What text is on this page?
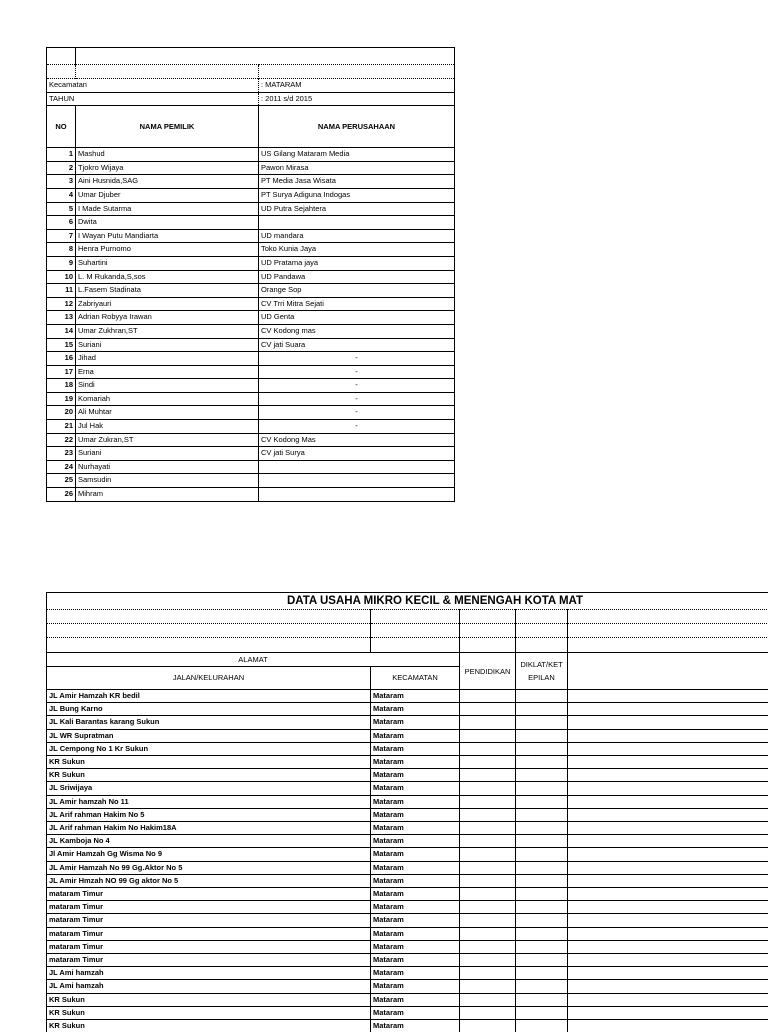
Kecamatan		: MATARAM
TAHUN		: 2011 s/d 2015
NO	NAMA PEMILIK	NAMA PERUSAHAAN
1	Mashud	US Gilang Mataram Media
2	Tjokro Wijaya	Pawon Mirasa
3	Aini Husnida,SAG	PT Media Jasa Wisata
4	Umar Djuber	PT Surya Adiguna Indogas
5	I Made Sutarma	UD Putra Sejahtera
6	Dwita	
7	I Wayan Putu Mandiarta	UD mandara
8	Henra Purnomo	Toko Kunia Jaya
9	Suhartini	UD Pratama jaya
10	L. M Rukanda,S,sos	UD Pandawa
11	L.Fasem Stadinata	Orange Sop
12	Zabriyauri	CV Trri Mitra Sejati
13	Adrian Robyya Irawan	UD Genta
14	Umar Zukhran,ST	CV Kodong mas
15	Suriani	CV jati Suara
16	Jihad	-
17	Erna	-
18	Sindi	-
19	Komariah	-
20	Ali Muhtar	-
21	Jul Hak	-
22	Umar Zukran,ST	CV Kodong Mas
23	Suriani	CV jati Surya
24	Nurhayati	
25	Samsudin	
26	Mihram	
DATA USAHA MIKRO KECIL & MENENGAH KOTA MAT				

ALAMAT		PENDIDIKAN	DIKLAT/KET EPILAN	
JALAN/KELURAHAN	KECAMATAN			
JL Amir Hamzah KR bedil	Mataram			
JL Bung Karno	Mataram			
JL Kali Barantas karang Sukun	Mataram			
JL WR Supratman	Mataram			
JL Cempong No 1 Kr Sukun	Mataram			
KR Sukun	Mataram			
KR Sukun	Mataram			
JL Sriwijaya	Mataram			
JL Amir hamzah No 11	Mataram			
JL Arif rahman Hakim No 5	Mataram			
JL Arif rahman Hakim No Hakim18A	Mataram			
JL Kamboja No 4	Mataram			
Jl Amir Hamzah Gg Wisma No 9	Mataram			
JL Amir Hamzah No 99 Gg.Aktor No 5	Mataram			
JL Amir Hmzah NO 99 Gg aktor No 5	Mataram			
mataram Timur	Mataram			
mataram Timur	Mataram			
mataram Timur	Mataram			
mataram Timur	Mataram			
mataram Timur	Mataram			
mataram Timur	Mataram			
JL Ami hamzah	Mataram			
JL Ami hamzah	Mataram			
KR Sukun	Mataram			
KR Sukun	Mataram			
KR Sukun	Mataram			
